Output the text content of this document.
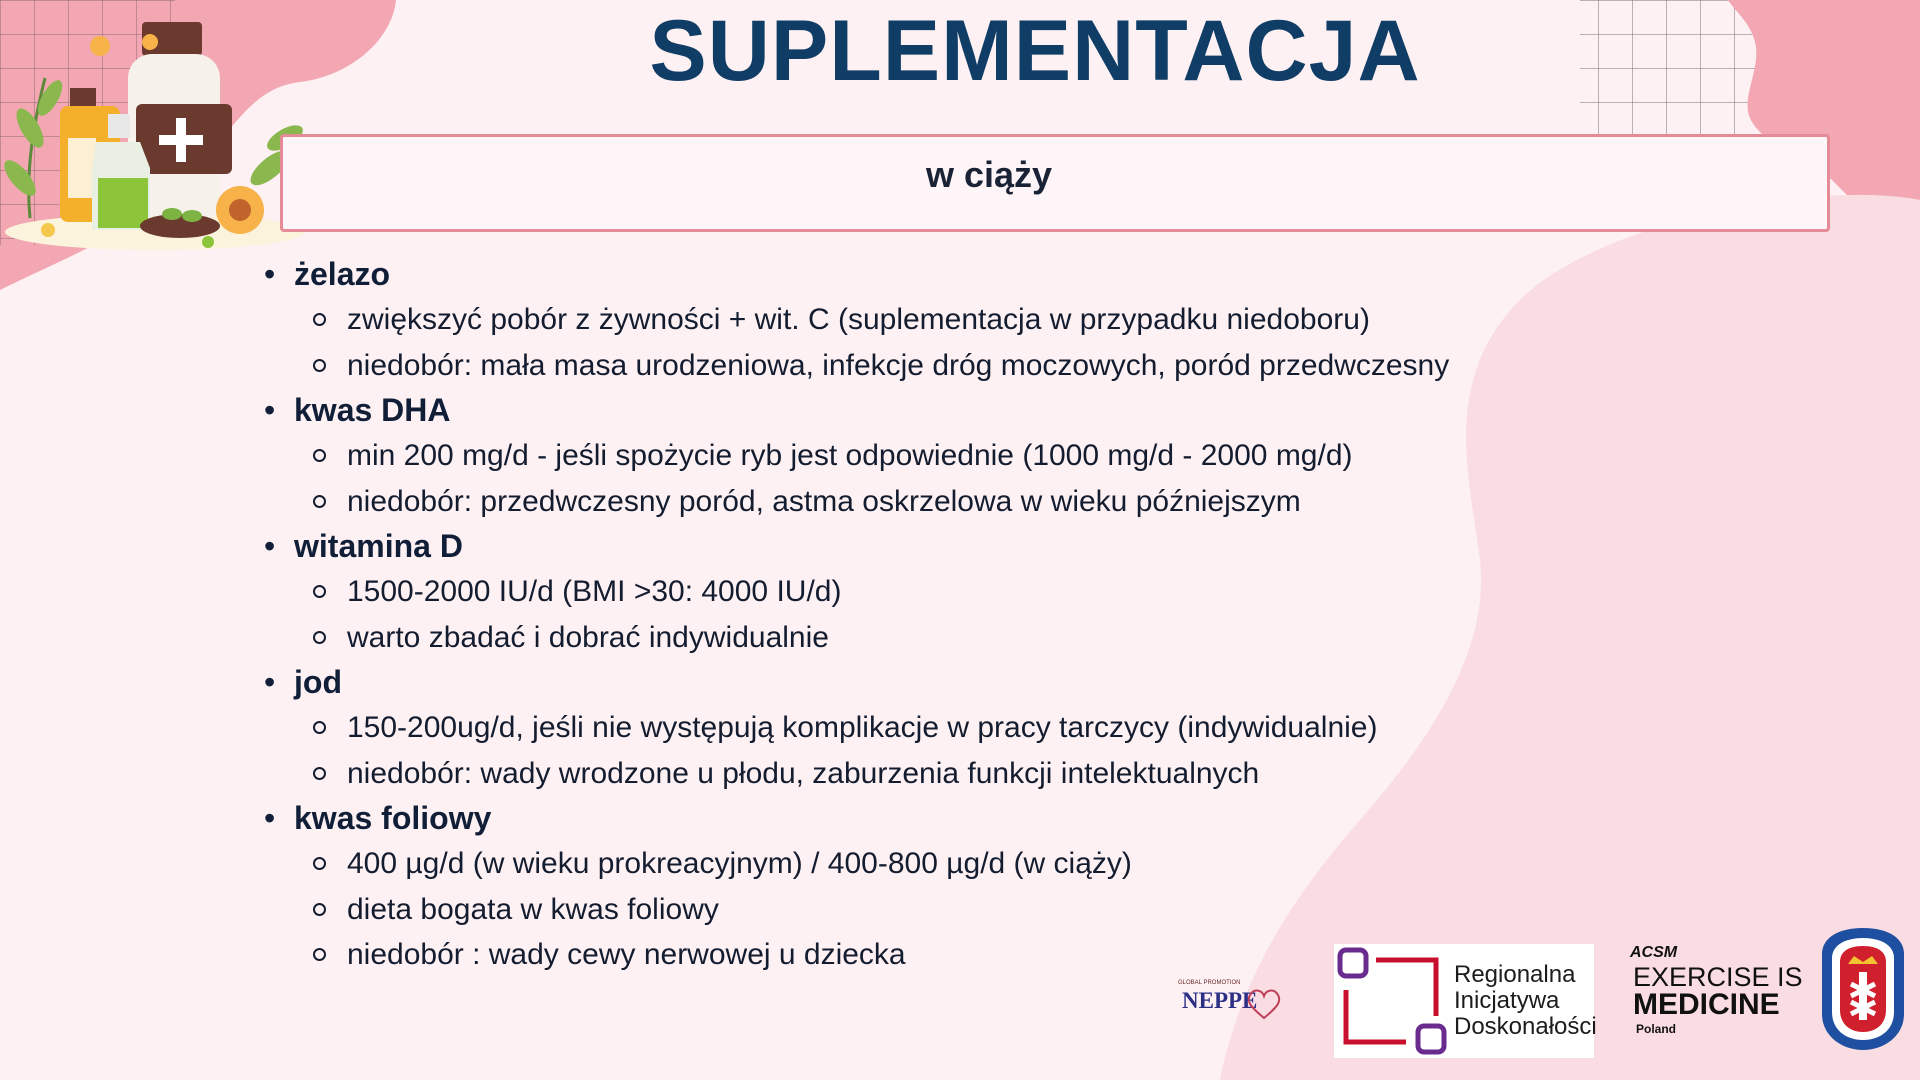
SUPLEMENTACJA
w ciąży
• żelazo
zwiększyć pobór z żywności + wit. C (suplementacja w przypadku niedoboru)
niedobór: mała masa urodzeniowa, infekcje dróg moczowych, poród przedwczesny
• kwas DHA
min 200 mg/d - jeśli spożycie ryb jest odpowiednie (1000 mg/d - 2000 mg/d)
niedobór: przedwczesny poród, astma oskrzelowa w wieku późniejszym
• witamina D
1500-2000 IU/d (BMI >30: 4000 IU/d)
warto zbadać i dobrać indywidualnie
• jod
150-200ug/d, jeśli nie występują komplikacje w pracy tarczycy (indywidualnie)
niedobór: wady wrodzone u płodu, zaburzenia funkcji intelektualnych
• kwas foliowy
400 µg/d (w wieku prokreacyjnym) / 400-800 µg/d (w ciąży)
dieta bogata w kwas foliowy
niedobór : wady cewy nerwowej u dziecka
GLOBAL PROMOTION
NEPPE
Regionalna
Inicjatywa
Doskonałości
ACSM
EXERCISE IS
MEDICINE
Poland
